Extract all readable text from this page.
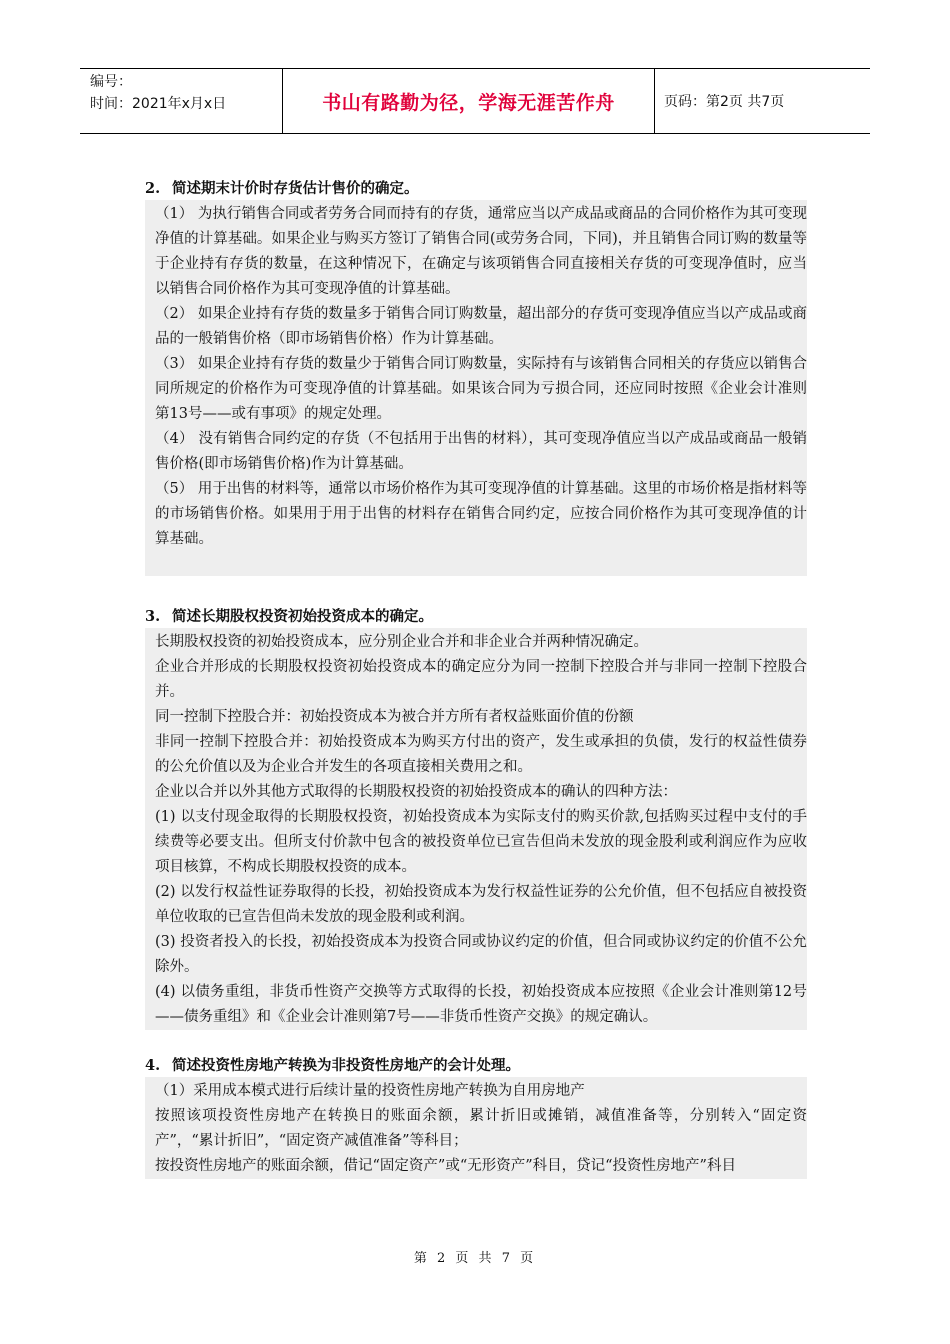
编号：
时间：2021年x月x日	书山有路勤为径，学海无涯苦作舟	页码：第2页 共7页

2. 简述期末计价时存货估计售价的确定。

（1） 为执行销售合同或者劳务合同而持有的存货，通常应当以产成品或商品的合同价格作为其可变现净值的计算基础。如果企业与购买方签订了销售合同(或劳务合同，下同)，并且销售合同订购的数量等于企业持有存货的数量，在这种情况下，在确定与该项销售合同直接相关存货的可变现净值时，应当以销售合同价格作为其可变现净值的计算基础。

（2） 如果企业持有存货的数量多于销售合同订购数量，超出部分的存货可变现净值应当以产成品或商品的一般销售价格（即市场销售价格）作为计算基础。

（3） 如果企业持有存货的数量少于销售合同订购数量，实际持有与该销售合同相关的存货应以销售合同所规定的价格作为可变现净值的计算基础。如果该合同为亏损合同，还应同时按照《企业会计准则第13号——或有事项》的规定处理。

（4） 没有销售合同约定的存货（不包括用于出售的材料），其可变现净值应当以产成品或商品一般销售价格(即市场销售价格)作为计算基础。

（5） 用于出售的材料等，通常以市场价格作为其可变现净值的计算基础。这里的市场价格是指材料等的市场销售价格。如果用于用于出售的材料存在销售合同约定，应按合同价格作为其可变现净值的计算基础。

3. 简述长期股权投资初始投资成本的确定。

长期股权投资的初始投资成本，应分别企业合并和非企业合并两种情况确定。

企业合并形成的长期股权投资初始投资成本的确定应分为同一控制下控股合并与非同一控制下控股合并。

同一控制下控股合并：初始投资成本为被合并方所有者权益账面价值的份额

非同一控制下控股合并：初始投资成本为购买方付出的资产，发生或承担的负债，发行的权益性债券的公允价值以及为企业合并发生的各项直接相关费用之和。

企业以合并以外其他方式取得的长期股权投资的初始投资成本的确认的四种方法：

(1) 以支付现金取得的长期股权投资，初始投资成本为实际支付的购买价款,包括购买过程中支付的手续费等必要支出。但所支付价款中包含的被投资单位已宣告但尚未发放的现金股利或利润应作为应收项目核算，不构成长期股权投资的成本。

(2) 以发行权益性证券取得的长投，初始投资成本为发行权益性证券的公允价值，但不包括应自被投资单位收取的已宣告但尚未发放的现金股利或利润。

(3) 投资者投入的长投，初始投资成本为投资合同或协议约定的价值，但合同或协议约定的价值不公允除外。

(4) 以债务重组，非货币性资产交换等方式取得的长投，初始投资成本应按照《企业会计准则第12号——债务重组》和《企业会计准则第7号——非货币性资产交换》的规定确认。

4. 简述投资性房地产转换为非投资性房地产的会计处理。

（1）采用成本模式进行后续计量的投资性房地产转换为自用房地产

按照该项投资性房地产在转换日的账面余额，累计折旧或摊销，减值准备等，分别转入“固定资产”，“累计折旧”，“固定资产减值准备”等科目；

按投资性房地产的账面余额，借记“固定资产”或“无形资产”科目，贷记“投资性房地产”科目

第 2 页 共 7 页
